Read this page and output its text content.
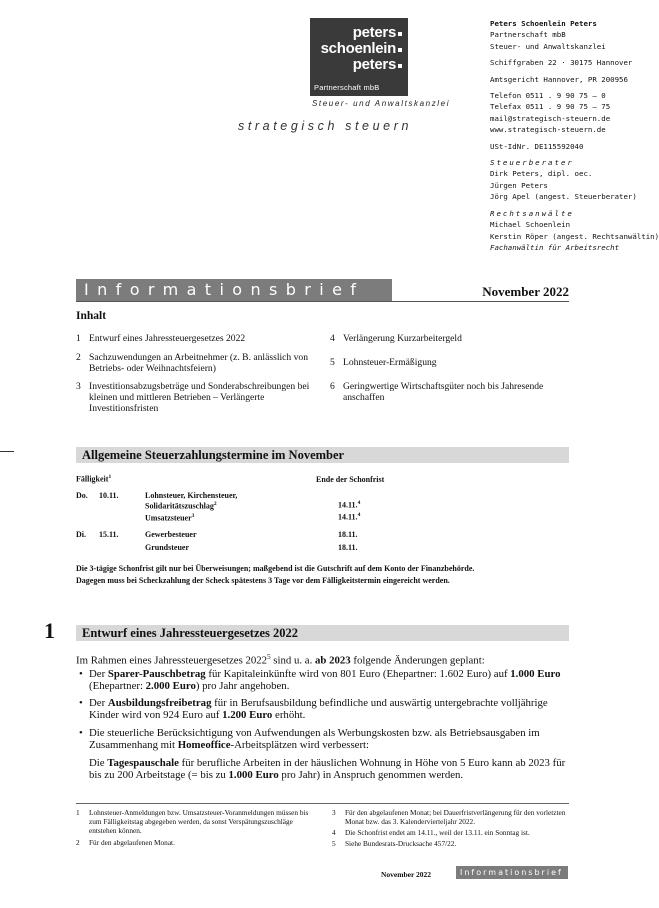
peters
schoenlein
peters
Partnerschaft mbB
Steuer- und Anwaltskanzlei
strategisch steuern
Peters Schoenlein Peters
Partnerschaft mbB
Steuer- und Anwaltskanzlei
Schiffgraben 22 · 30175 Hannover
Amtsgericht Hannover, PR 200956
Telefon 0511 . 9 90 75 – 0
Telefax 0511 . 9 90 75 – 75
mail@strategisch-steuern.de
www.strategisch-steuern.de
USt-IdNr. DE115592040
Steuerberater
Dirk Peters, dipl. oec.
Jürgen Peters
Jörg Apel (angest. Steuerberater)
Rechtsanwälte
Michael Schoenlein
Kerstin Röper (angest. Rechtsanwältin)
Fachanwältin für Arbeitsrecht
Informationsbrief	November 2022
Inhalt
1 Entwurf eines Jahressteuergesetzes 2022
2 Sachzuwendungen an Arbeitnehmer (z. B. anlässlich von Betriebs- oder Weihnachtsfeiern)
3 Investitionsabzugsbeträge und Sonderabschreibungen bei kleinen und mittleren Betrieben – Verlängerte Investitionsfristen
4 Verlängerung Kurzarbeitergeld
5 Lohnsteuer-Ermäßigung
6 Geringwertige Wirtschaftsgüter noch bis Jahresende anschaffen
Allgemeine Steuerzahlungstermine im November
Fälligkeit$^1$	Ende der Schonfrist
Do. 10.11.	Lohnsteuer, Kirchensteuer,
Solidaritätszuschlag$^2$	14.11.$^4$
Umsatzsteuer$^3$	14.11.$^4$
Di. 15.11.	Gewerbesteuer	18.11.
Grundsteuer	18.11.
Die 3-tägige Schonfrist gilt nur bei Überweisungen; maßgebend ist die Gutschrift auf dem Konto der Finanzbehörde.
Dagegen muss bei Scheckzahlung der Scheck spätestens 3 Tage vor dem Fälligkeitstermin eingereicht werden.
1	Entwurf eines Jahressteuergesetzes 2022
Im Rahmen eines Jahressteuergesetzes 2022$^5$ sind u. a. ab 2023 folgende Änderungen geplant:
• Der Sparer-Pauschbetrag für Kapitaleinkünfte wird von 801 Euro (Ehepartner: 1.602 Euro) auf 1.000 Euro (Ehepartner: 2.000 Euro) pro Jahr angehoben.
• Der Ausbildungsfreibetrag für in Berufsausbildung befindliche und auswärtig untergebrachte volljährige Kinder wird von 924 Euro auf 1.200 Euro erhöht.
• Die steuerliche Berücksichtigung von Aufwendungen als Werbungskosten bzw. als Betriebsausgaben im Zusammenhang mit Homeoffice-Arbeitsplätzen wird verbessert:
Die Tagespauschale für berufliche Arbeiten in der häuslichen Wohnung in Höhe von 5 Euro kann ab 2023 für bis zu 200 Arbeitstage (= bis zu 1.000 Euro pro Jahr) in Anspruch genommen werden.
1	Lohnsteuer-Anmeldungen bzw. Umsatzsteuer-Voranmeldungen müssen bis zum Fälligkeitstag abgegeben werden, da sonst Verspätungszuschläge entstehen können.
2	Für den abgelaufenen Monat.
3	Für den abgelaufenen Monat; bei Dauerfristverlängerung für den vorletzten Monat bzw. das 3. Kalendervierteljahr 2022.
4	Die Schonfrist endet am 14.11., weil der 13.11. ein Sonntag ist.
5	Siehe Bundesrats-Drucksache 457/22.
November 2022	Informationsbrief
